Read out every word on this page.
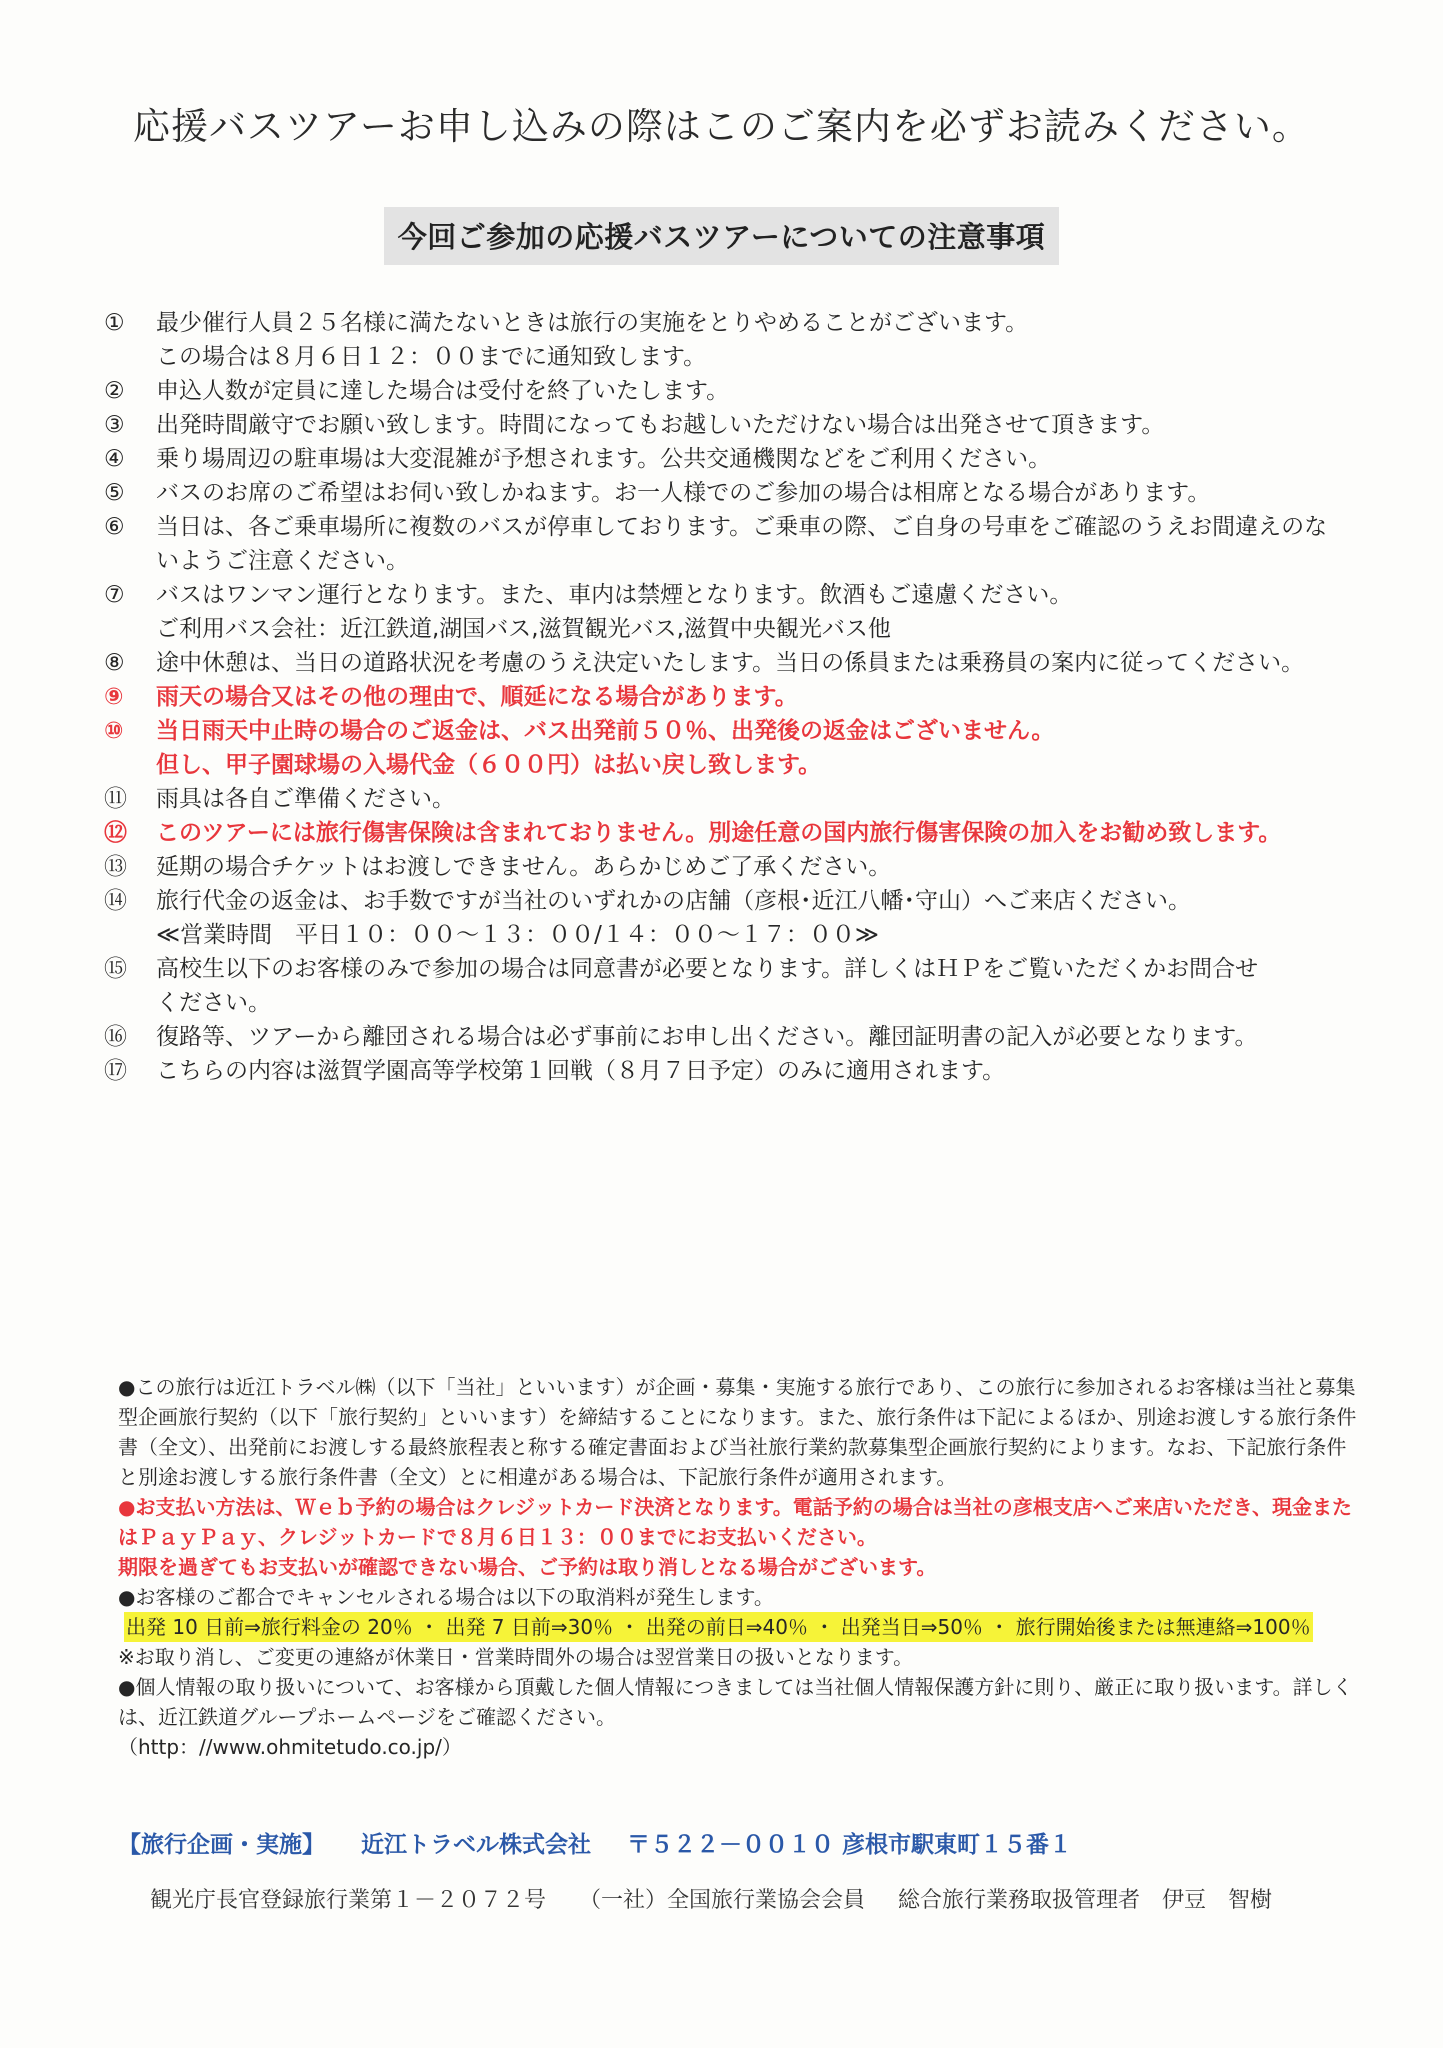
応援バスツアーお申し込みの際はこのご案内を必ずお読みください。
今回ご参加の応援バスツアーについての注意事項
①	最少催行人員２５名様に満たないときは旅行の実施をとりやめることがございます。
この場合は８月６日１２：００までに通知致します。
②	申込人数が定員に達した場合は受付を終了いたします。
③	出発時間厳守でお願い致します。時間になってもお越しいただけない場合は出発させて頂きます。
④	乗り場周辺の駐車場は大変混雑が予想されます。公共交通機関などをご利用ください。
⑤	バスのお席のご希望はお伺い致しかねます。お一人様でのご参加の場合は相席となる場合があります。
⑥	当日は、各ご乗車場所に複数のバスが停車しております。ご乗車の際、ご自身の号車をご確認のうえお間違えのな
いようご注意ください。
⑦	バスはワンマン運行となります。また、車内は禁煙となります。飲酒もご遠慮ください。
ご利用バス会社：近江鉄道,湖国バス,滋賀観光バス,滋賀中央観光バス他
⑧	途中休憩は、当日の道路状況を考慮のうえ決定いたします。当日の係員または乗務員の案内に従ってください。
⑨	雨天の場合又はその他の理由で、順延になる場合があります。
⑩	当日雨天中止時の場合のご返金は、バス出発前５０％、出発後の返金はございません。
但し、甲子園球場の入場代金（６００円）は払い戻し致します。
⑪	雨具は各自ご準備ください。
⑫	このツアーには旅行傷害保険は含まれておりません。別途任意の国内旅行傷害保険の加入をお勧め致します。
⑬	延期の場合チケットはお渡しできません。あらかじめご了承ください。
⑭	旅行代金の返金は、お手数ですが当社のいずれかの店舗（彦根･近江八幡･守山）へご来店ください。
≪営業時間　平日１０：００～１３：００/１４：００～１７：００≫
⑮	高校生以下のお客様のみで参加の場合は同意書が必要となります。詳しくはＨＰをご覧いただくかお問合せ
ください。
⑯	復路等、ツアーから離団される場合は必ず事前にお申し出ください。離団証明書の記入が必要となります。
⑰	こちらの内容は滋賀学園高等学校第１回戦（８月７日予定）のみに適用されます。

●この旅行は近江トラベル㈱（以下「当社」といいます）が企画・募集・実施する旅行であり、この旅行に参加されるお客様は当社と募集型企画旅行契約（以下「旅行契約」といいます）を締結することになります。また、旅行条件は下記によるほか、別途お渡しする旅行条件書（全文）、出発前にお渡しする最終旅程表と称する確定書面および当社旅行業約款募集型企画旅行契約によります。なお、下記旅行条件と別途お渡しする旅行条件書（全文）とに相違がある場合は、下記旅行条件が適用されます。

●お支払い方法は、Ｗｅｂ予約の場合はクレジットカード決済となります。電話予約の場合は当社の彦根支店へご来店いただき、現金またはＰａｙＰａｙ、クレジットカードで８月６日１３：００までにお支払いください。

期限を過ぎてもお支払いが確認できない場合、ご予約は取り消しとなる場合がございます。

●お客様のご都合でキャンセルされる場合は以下の取消料が発生します。

出発 10 日前⇒旅行料金の 20％ ・ 出発 7 日前⇒30％ ・ 出発の前日⇒40％ ・ 出発当日⇒50％ ・ 旅行開始後または無連絡⇒100％

※お取り消し、ご変更の連絡が休業日・営業時間外の場合は翌営業日の扱いとなります。

●個人情報の取り扱いについて、お客様から頂戴した個人情報につきましては当社個人情報保護方針に則り、厳正に取り扱います。詳しくは、近江鉄道グループホームページをご確認ください。

（http：//www.ohmitetudo.co.jp/）

【旅行企画・実施】 近江トラベル株式会社 〒５２２－００１０ 彦根市駅東町１５番１
観光庁長官登録旅行業第１－２０７２号 （一社）全国旅行業協会会員 総合旅行業務取扱管理者　伊豆　智樹
